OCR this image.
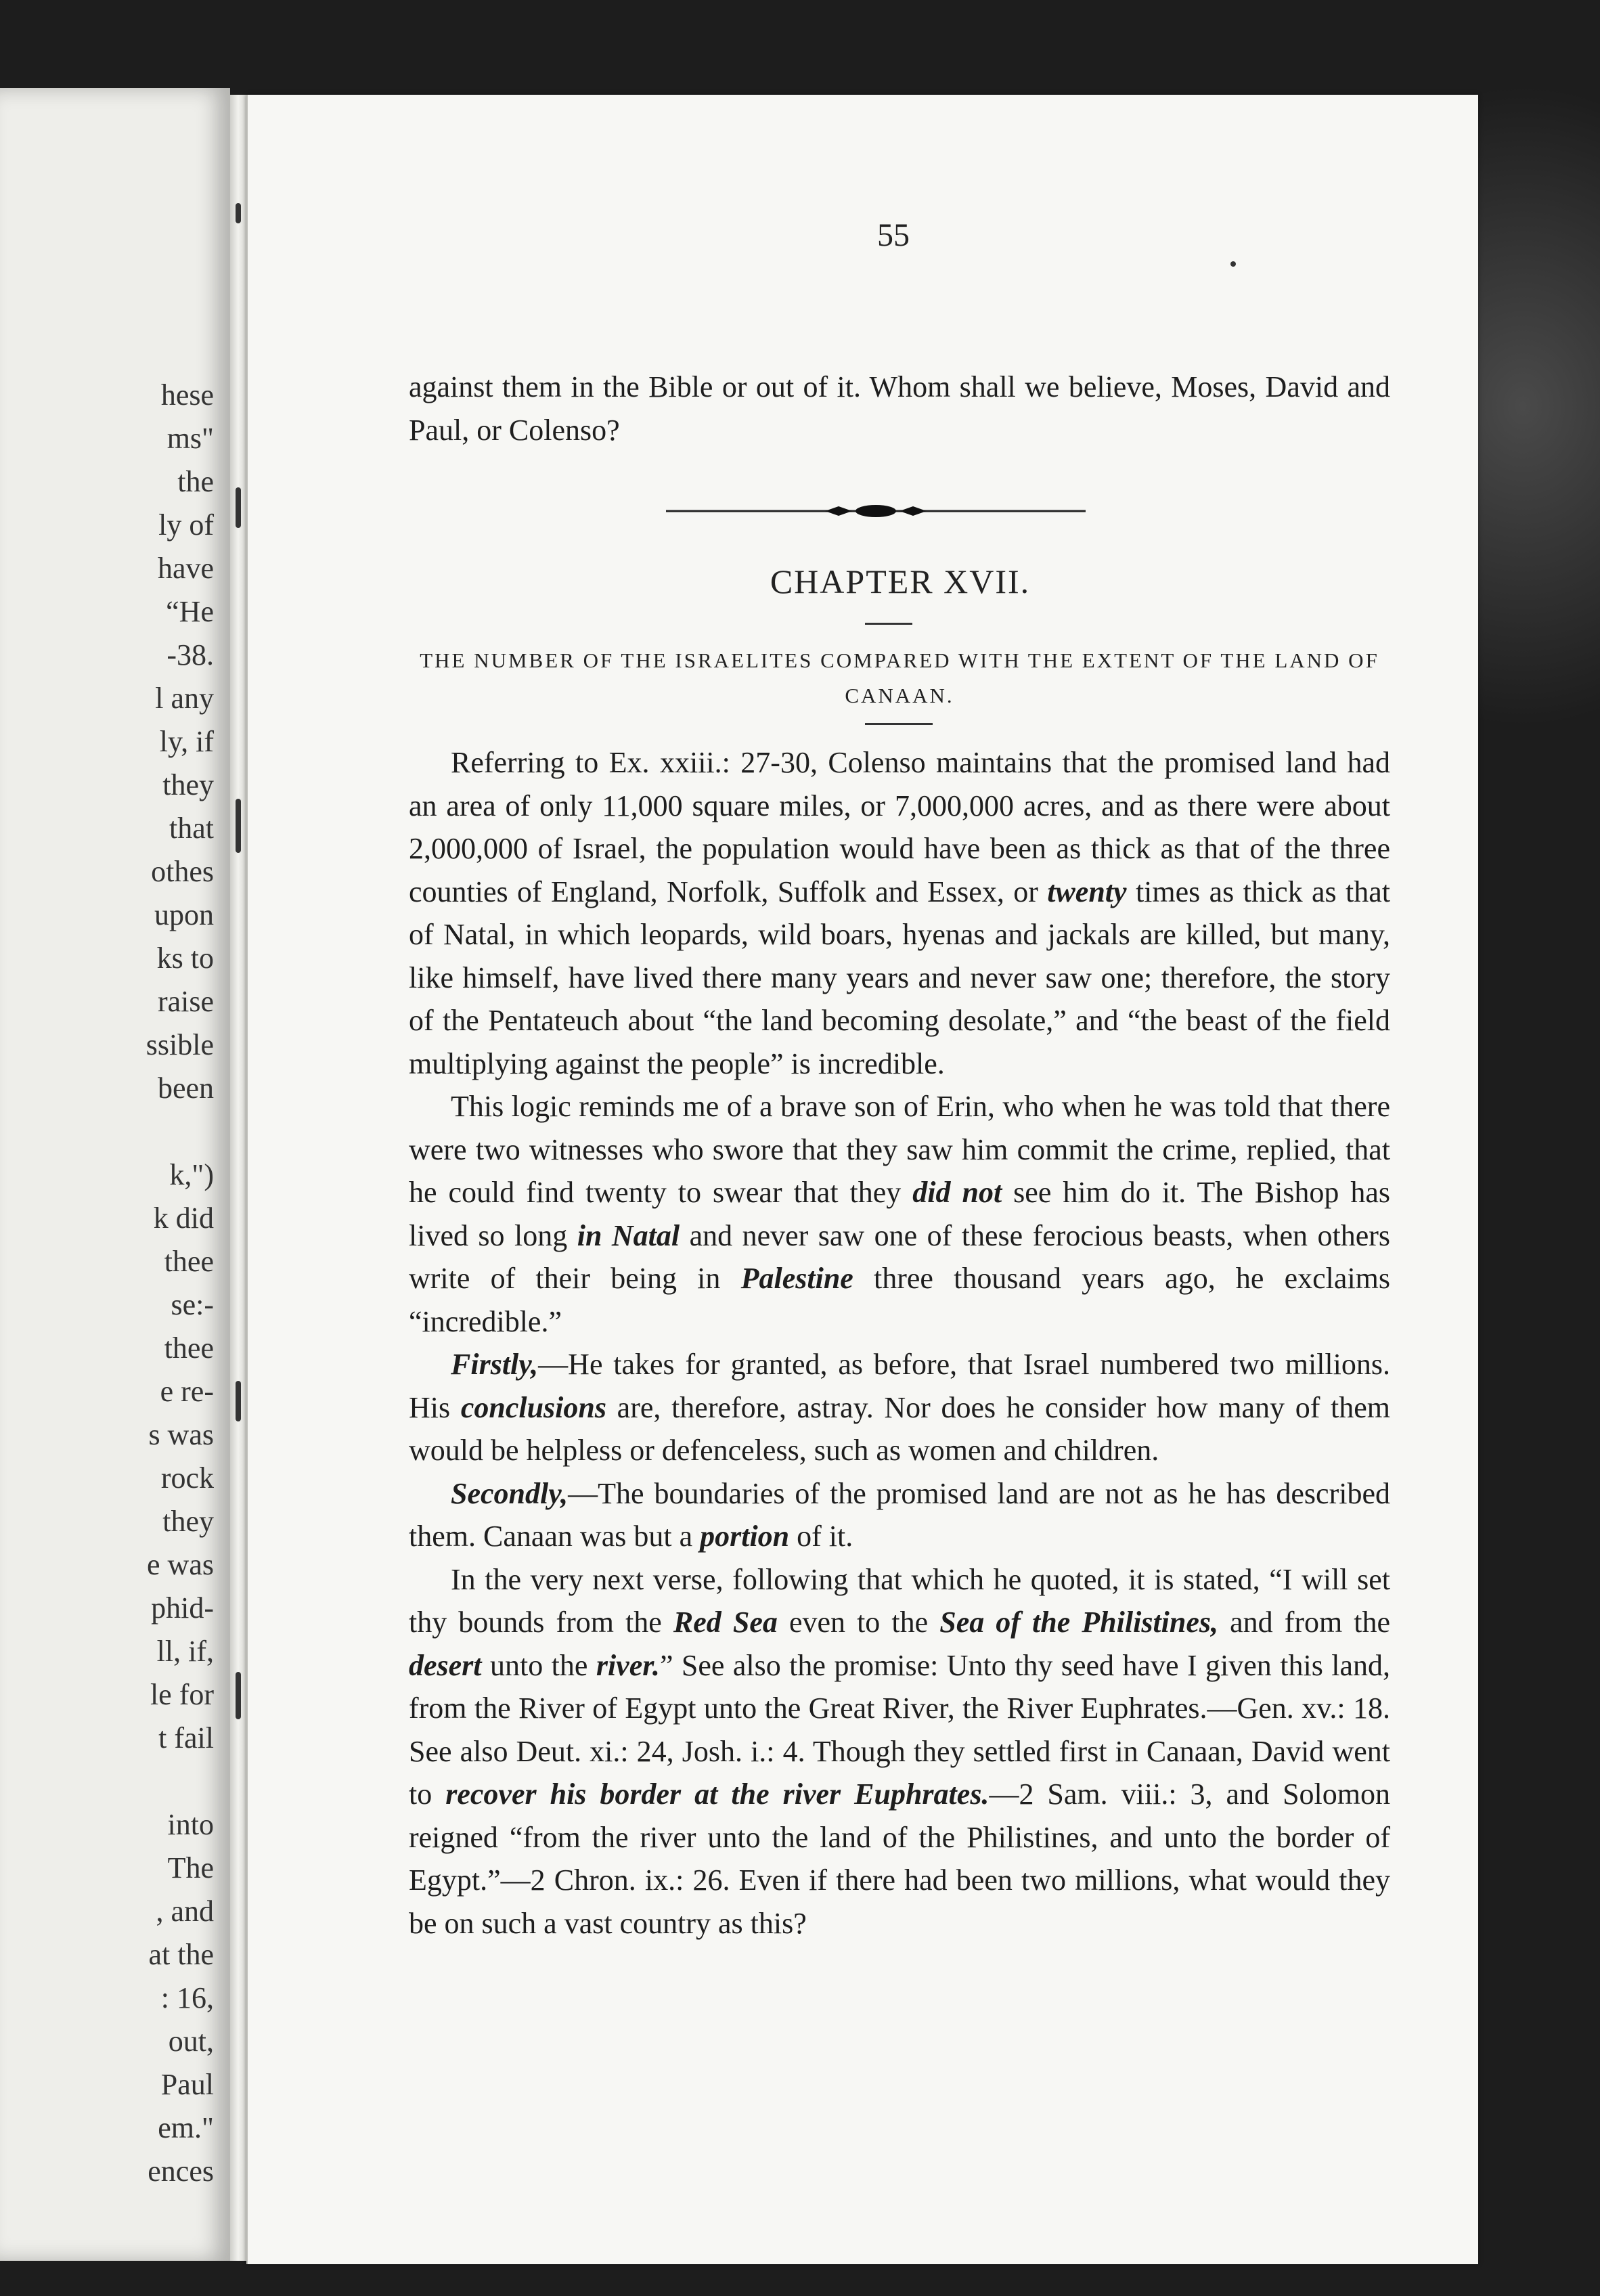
hese
ms"
the
ly of
have
“He
-38.
l any
ly, if
they
that
othes
upon
ks to
raise
ssible
been
k,")
k did
thee
se:-
thee
e re-
s was
rock
they
e was
phid-
ll, if,
le for
t fail
into
The
, and
at the
: 16,
out,
Paul
em."
ences
55

against them in the Bible or out of it. Whom shall we believe, Moses, David and Paul, or Colenso?

CHAPTER XVII.
THE NUMBER OF THE ISRAELITES COMPARED WITH THE EXTENT OF THE LAND OF CANAAN.

Referring to Ex. xxiii.: 27-30, Colenso maintains that the promised land had an area of only 11,000 square miles, or 7,000,000 acres, and as there were about 2,000,000 of Israel, the population would have been as thick as that of the three counties of England, Norfolk, Suffolk and Essex, or twenty times as thick as that of Natal, in which leopards, wild boars, hyenas and jackals are killed, but many, like himself, have lived there many years and never saw one; therefore, the story of the Pentateuch about “the land becoming desolate,” and “the beast of the field multiplying against the people” is incredible.

This logic reminds me of a brave son of Erin, who when he was told that there were two witnesses who swore that they saw him commit the crime, replied, that he could find twenty to swear that they did not see him do it. The Bishop has lived so long in Natal and never saw one of these ferocious beasts, when others write of their being in Palestine three thousand years ago, he exclaims “incredible.”

Firstly,—He takes for granted, as before, that Israel numbered two millions. His conclusions are, therefore, astray. Nor does he consider how many of them would be helpless or defenceless, such as women and children.

Secondly,—The boundaries of the promised land are not as he has described them. Canaan was but a portion of it.

In the very next verse, following that which he quoted, it is stated, “I will set thy bounds from the Red Sea even to the Sea of the Philistines, and from the desert unto the river.” See also the promise: Unto thy seed have I given this land, from the River of Egypt unto the Great River, the River Euphrates.—Gen. xv.: 18. See also Deut. xi.: 24, Josh. i.: 4. Though they settled first in Canaan, David went to recover his border at the river Euphrates.—2 Sam. viii.: 3, and Solomon reigned “from the river unto the land of the Philistines, and unto the border of Egypt.”—2 Chron. ix.: 26. Even if there had been two millions, what would they be on such a vast country as this?
